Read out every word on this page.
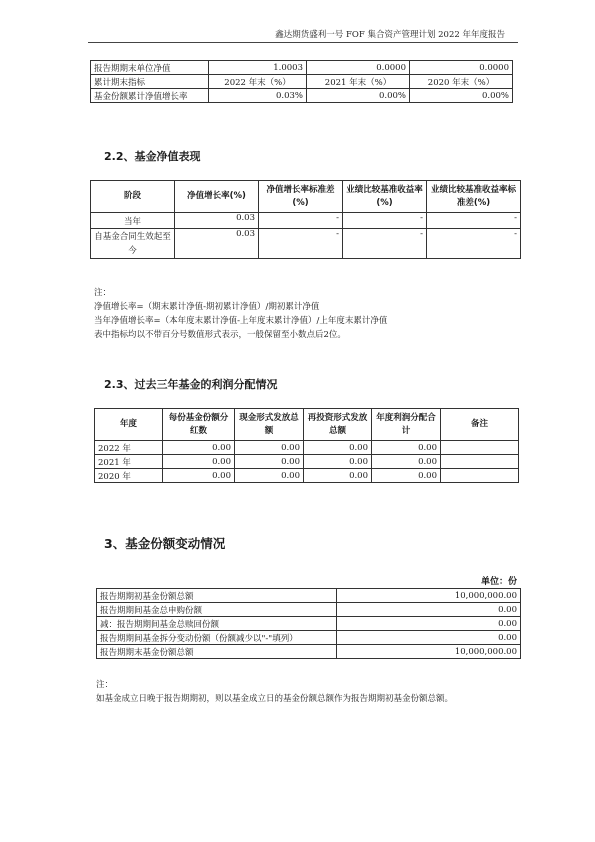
鑫达期货盛利一号 FOF 集合资产管理计划 2022 年年度报告
报告期期末单位净值	1.0003	0.0000	0.0000
累计期末指标	2022 年末（%）	2021 年末（%）	2020 年末（%）
基金份额累计净值增长率	0.03%	0.00%	0.00%
2.2、基金净值表现
阶段	净值增长率(%)	净值增长率标准差(%)	业绩比较基准收益率(%)	业绩比较基准收益率标准差(%)
当年	0.03	-	-	-
自基金合同生效起至今	0.03	-	-	-
注：
净值增长率=（期末累计净值-期初累计净值）/期初累计净值
当年净值增长率=（本年度末累计净值-上年度末累计净值）/上年度末累计净值
表中指标均以不带百分号数值形式表示，一般保留至小数点后2位。
2.3、过去三年基金的利润分配情况
年度	每份基金份额分红数	现金形式发放总额	再投资形式发放总额	年度利润分配合计	备注
2022 年	0.00	0.00	0.00	0.00	
2021 年	0.00	0.00	0.00	0.00	
2020 年	0.00	0.00	0.00	0.00	
3、基金份额变动情况
单位：份
报告期期初基金份额总额	10,000,000.00
报告期期间基金总申购份额	0.00
减：报告期期间基金总赎回份额	0.00
报告期期间基金拆分变动份额（份额减少以"-"填列）	0.00
报告期期末基金份额总额	10,000,000.00
注：
如基金成立日晚于报告期期初，则以基金成立日的基金份额总额作为报告期期初基金份额总额。
